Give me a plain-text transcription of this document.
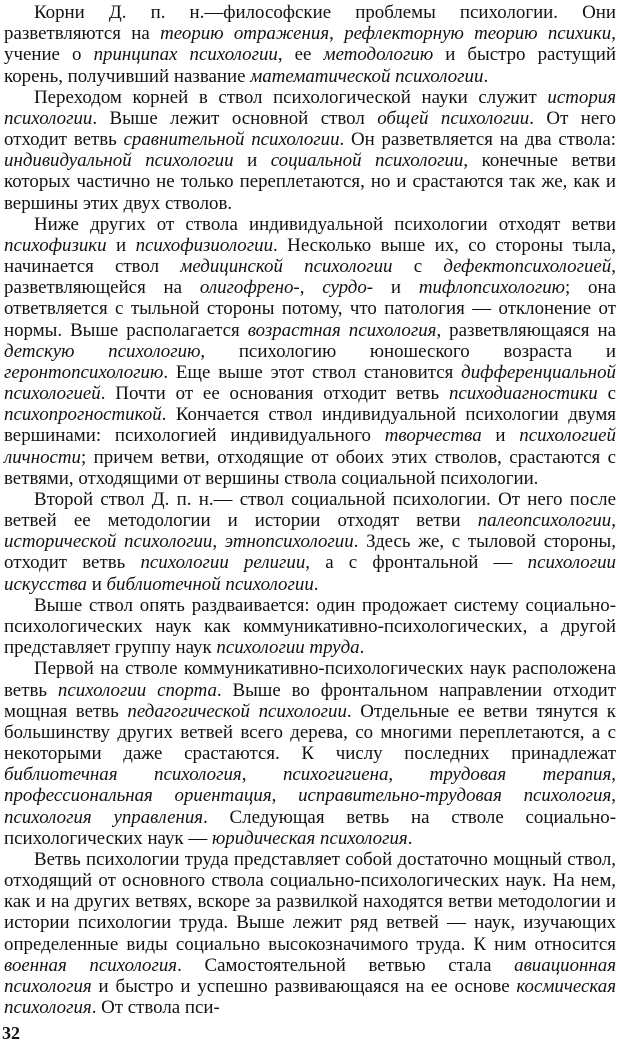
Корни Д. п. н.—философские проблемы психологии. Они разветвляются на теорию отражения, рефлекторную теорию психики, учение о принципах психологии, ее методологию и быстро растущий корень, получивший название математической психологии.

Переходом корней в ствол психологической науки служит история психологии. Выше лежит основной ствол общей психологии. От него отходит ветвь сравнительной психологии. Он разветвляется на два ствола: индивидуальной психологии и социальной психологии, конечные ветви которых частично не только переплетаются, но и срастаются так же, как и вершины этих двух стволов.

Ниже других от ствола индивидуальной психологии отходят ветви психофизики и психофизиологии. Несколько выше их, со стороны тыла, начинается ствол медицинской психологии с дефектопсихологией, разветвляющейся на олигофрено-, сурдо- и тифлопсихологию; она ответвляется с тыльной стороны потому, что патология — отклонение от нормы. Выше располагается возрастная психология, разветвляющаяся на детскую психологию, психологию юношеского возраста и геронтопсихологию. Еще выше этот ствол становится дифференциальной психологией. Почти от ее основания отходит ветвь психодиагностики с психопрогностикой. Кончается ствол индивидуальной психологии двумя вершинами: психологией индивидуального творчества и психологией личности; причем ветви, отходящие от обоих этих стволов, срастаются с ветвями, отходящими от вершины ствола социальной психологии.

Второй ствол Д. п. н.— ствол социальной психологии. От него после ветвей ее методологии и истории отходят ветви палеопсихологии, исторической психологии, этнопсихологии. Здесь же, с тыловой стороны, отходит ветвь психологии религии, а с фронтальной — психологии искусства и библиотечной психологии.

Выше ствол опять раздваивается: один продожает систему социально-психологических наук как коммуникативно-психологических, а другой представляет группу наук психологии труда.

Первой на стволе коммуникативно-психологических наук расположена ветвь психологии спорта. Выше во фронтальном направлении отходит мощная ветвь педагогической психологии. Отдельные ее ветви тянутся к большинству других ветвей всего дерева, со многими переплетаются, а с некоторыми даже срастаются. К числу последних принадлежат библиотечная психология, психогигиена, трудовая терапия, профессиональная ориентация, исправительно-трудовая психология, психология управления. Следующая ветвь на стволе социально-психологических наук — юридическая психология.

Ветвь психологии труда представляет собой достаточно мощный ствол, отходящий от основного ствола социально-психологических наук. На нем, как и на других ветвях, вскоре за развилкой находятся ветви методологии и истории психологии труда. Выше лежит ряд ветвей — наук, изучающих определенные виды социально высокозначимого труда. К ним относится военная психология. Самостоятельной ветвью стала авиационная психология и быстро и успешно развивающаяся на ее основе космическая психология. От ствола пси-

32
